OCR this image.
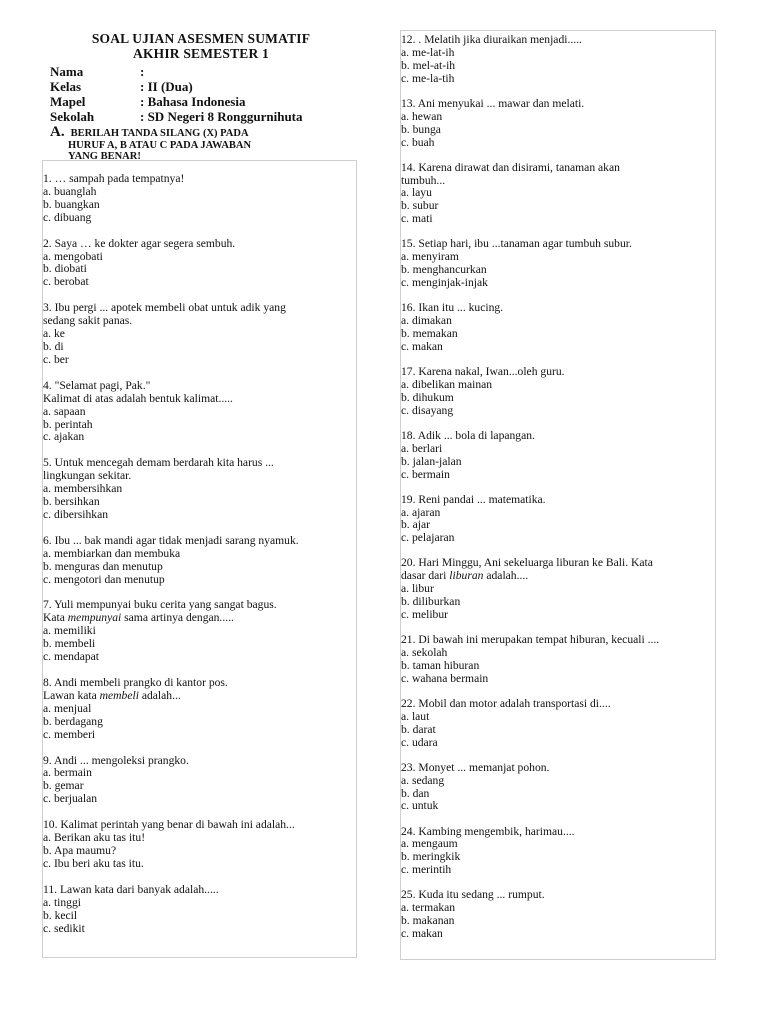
SOAL UJIAN ASESMEN SUMATIF
AKHIR SEMESTER 1
Nama	:
Kelas	: II (Dua)
Mapel	: Bahasa Indonesia
Sekolah	: SD Negeri 8 Ronggurnihuta
A. BERILAH TANDA SILANG (X) PADA
HURUF A, B ATAU C PADA JAWABAN
YANG BENAR!
1. … sampah pada tempatnya!
a. buanglah
b. buangkan
c. dibuang
2. Saya … ke dokter agar segera sembuh.
a. mengobati
b. diobati
c. berobat
3. Ibu pergi ... apotek membeli obat untuk adik yang
sedang sakit panas.
a. ke
b. di
c. ber
4. "Selamat pagi, Pak."
Kalimat di atas adalah bentuk kalimat.....
a. sapaan
b. perintah
c. ajakan
5. Untuk mencegah demam berdarah kita harus ...
lingkungan sekitar.
a. membersihkan
b. bersihkan
c. dibersihkan
6. Ibu ... bak mandi agar tidak menjadi sarang nyamuk.
a. membiarkan dan membuka
b. menguras dan menutup
c. mengotori dan menutup
7. Yuli mempunyai buku cerita yang sangat bagus.
Kata mempunyai sama artinya dengan.....
a. memiliki
b. membeli
c. mendapat
8. Andi membeli prangko di kantor pos.
Lawan kata membeli adalah...
a. menjual
b. berdagang
c. memberi
9. Andi ... mengoleksi prangko.
a. bermain
b. gemar
c. berjualan
10. Kalimat perintah yang benar di bawah ini adalah...
a. Berikan aku tas itu!
b. Apa maumu?
c. Ibu beri aku tas itu.
11. Lawan kata dari banyak adalah.....
a. tinggi
b. kecil
c. sedikit
12. . Melatih jika diuraikan menjadi.....
a. me-lat-ih
b. mel-at-ih
c. me-la-tih
13. Ani menyukai ... mawar dan melati.
a. hewan
b. bunga
c. buah
14. Karena dirawat dan disirami, tanaman akan
tumbuh...
a. layu
b. subur
c. mati
15. Setiap hari, ibu ...tanaman agar tumbuh subur.
a. menyiram
b. menghancurkan
c. menginjak-injak
16. Ikan itu ... kucing.
a. dimakan
b. memakan
c. makan
17. Karena nakal, Iwan...oleh guru.
a. dibelikan mainan
b. dihukum
c. disayang
18. Adik ... bola di lapangan.
a. berlari
b. jalan-jalan
c. bermain
19. Reni pandai ... matematika.
a. ajaran
b. ajar
c. pelajaran
20. Hari Minggu, Ani sekeluarga liburan ke Bali. Kata
dasar dari liburan adalah....
a. libur
b. diliburkan
c. melibur
21. Di bawah ini merupakan tempat hiburan, kecuali ....
a. sekolah
b. taman hiburan
c. wahana bermain
22. Mobil dan motor adalah transportasi di....
a. laut
b. darat
c. udara
23. Monyet ... memanjat pohon.
a. sedang
b. dan
c. untuk
24. Kambing mengembik, harimau....
a. mengaum
b. meringkik
c. merintih
25. Kuda itu sedang ... rumput.
a. termakan
b. makanan
c. makan
